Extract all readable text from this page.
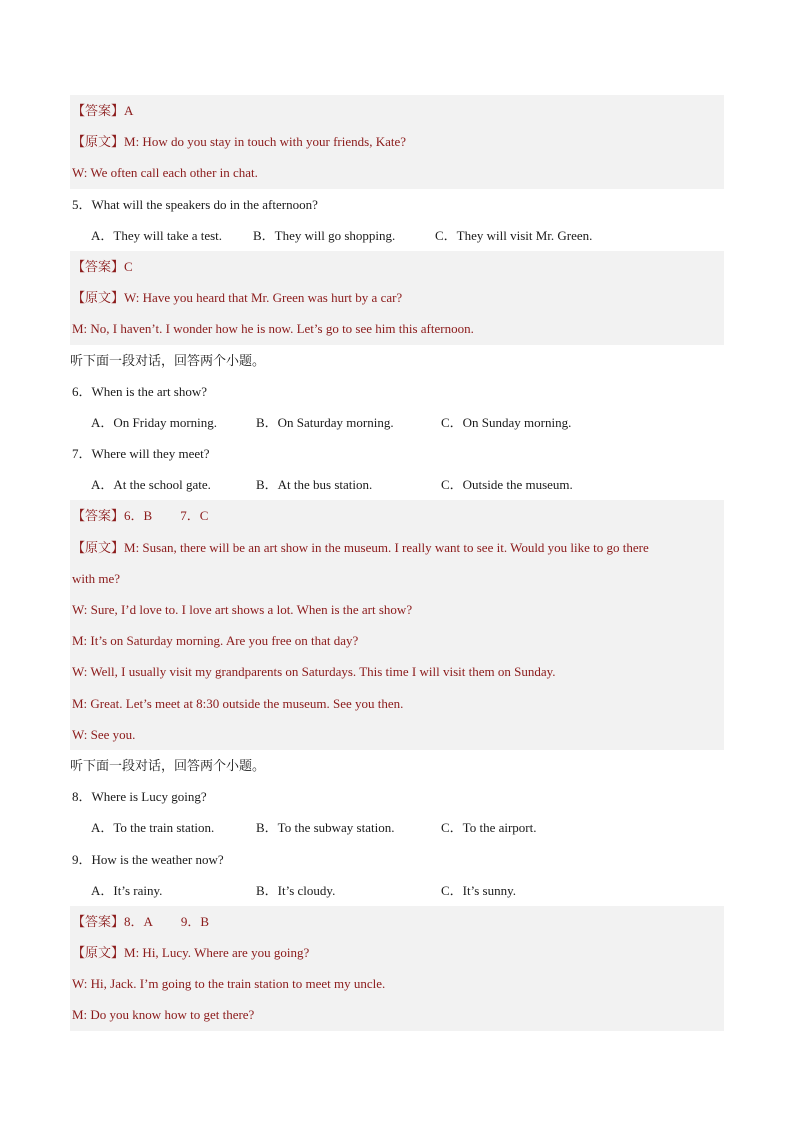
【答案】A
【原文】M: How do you stay in touch with your friends, Kate?
W: We often call each other in chat.
5．What will the speakers do in the afternoon?
A．They will take a test. B．They will go shopping.	C．They will visit Mr. Green.
【答案】C
【原文】W: Have you heard that Mr. Green was hurt by a car?
M: No, I haven’t. I wonder how he is now. Let’s go to see him this afternoon.
听下面一段对话，回答两个小题。
6．When is the art show?
A．On Friday morning.	B．On Saturday morning.	C．On Sunday morning.
7．Where will they meet?
A．At the school gate.	B．At the bus station.	C．Outside the museum.
【答案】6．B 7．C
【原文】M: Susan, there will be an art show in the museum. I really want to see it. Would you like to go there
with me?
W: Sure, I’d love to. I love art shows a lot. When is the art show?
M: It’s on Saturday morning. Are you free on that day?
W: Well, I usually visit my grandparents on Saturdays. This time I will visit them on Sunday.
M: Great. Let’s meet at 8:30 outside the museum. See you then.
W: See you.
听下面一段对话，回答两个小题。
8．Where is Lucy going?
A．To the train station.	B．To the subway station.	C．To the airport.
9．How is the weather now?
A．It’s rainy.	B．It’s cloudy.	C．It’s sunny.
【答案】8．A 9．B
【原文】M: Hi, Lucy. Where are you going?
W: Hi, Jack. I’m going to the train station to meet my uncle.
M: Do you know how to get there?
